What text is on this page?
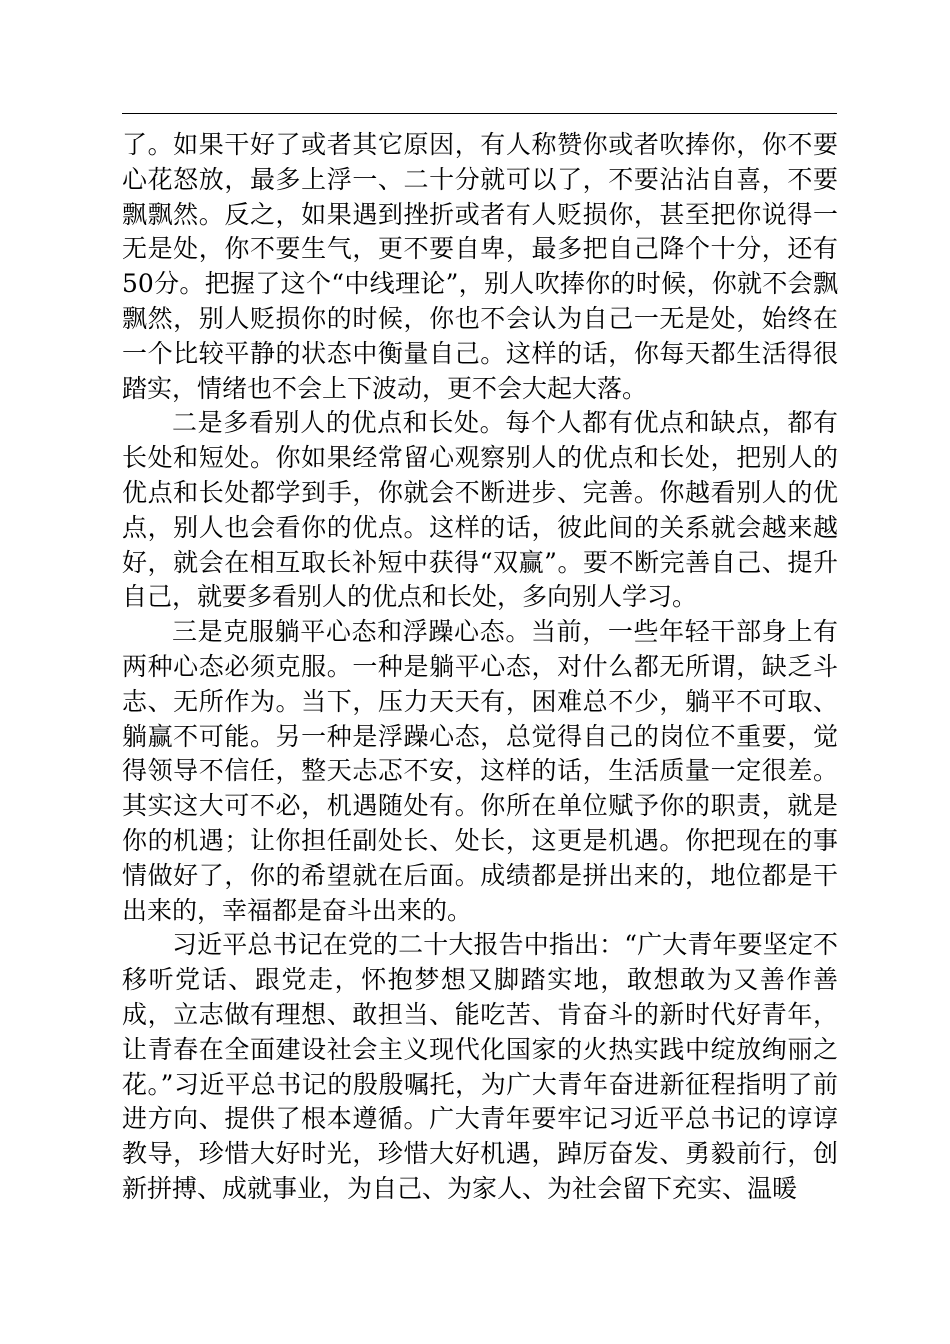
了。如果干好了或者其它原因，有人称赞你或者吹捧你，你不要心花怒放，最多上浮一、二十分就可以了，不要沾沾自喜，不要飘飘然。反之，如果遇到挫折或者有人贬损你，甚至把你说得一无是处，你不要生气，更不要自卑，最多把自己降个十分，还有50分。把握了这个“中线理论”，别人吹捧你的时候，你就不会飘飘然，别人贬损你的时候，你也不会认为自己一无是处，始终在一个比较平静的状态中衡量自己。这样的话，你每天都生活得很踏实，情绪也不会上下波动，更不会大起大落。

二是多看别人的优点和长处。每个人都有优点和缺点，都有长处和短处。你如果经常留心观察别人的优点和长处，把别人的优点和长处都学到手，你就会不断进步、完善。你越看别人的优点，别人也会看你的优点。这样的话，彼此间的关系就会越来越好，就会在相互取长补短中获得“双赢”。要不断完善自己、提升自己，就要多看别人的优点和长处，多向别人学习。

三是克服躺平心态和浮躁心态。当前，一些年轻干部身上有两种心态必须克服。一种是躺平心态，对什么都无所谓，缺乏斗志、无所作为。当下，压力天天有，困难总不少，躺平不可取、躺赢不可能。另一种是浮躁心态，总觉得自己的岗位不重要，觉得领导不信任，整天忐忑不安，这样的话，生活质量一定很差。其实这大可不必，机遇随处有。你所在单位赋予你的职责，就是你的机遇；让你担任副处长、处长，这更是机遇。你把现在的事情做好了，你的希望就在后面。成绩都是拼出来的，地位都是干出来的，幸福都是奋斗出来的。

习近平总书记在党的二十大报告中指出：“广大青年要坚定不移听党话、跟党走，怀抱梦想又脚踏实地，敢想敢为又善作善成，立志做有理想、敢担当、能吃苦、肯奋斗的新时代好青年，让青春在全面建设社会主义现代化国家的火热实践中绽放绚丽之花。”习近平总书记的殷殷嘱托，为广大青年奋进新征程指明了前进方向、提供了根本遵循。广大青年要牢记习近平总书记的谆谆教导，珍惜大好时光，珍惜大好机遇，踔厉奋发、勇毅前行，创新拼搏、成就事业，为自己、为家人、为社会留下充实、温暖
